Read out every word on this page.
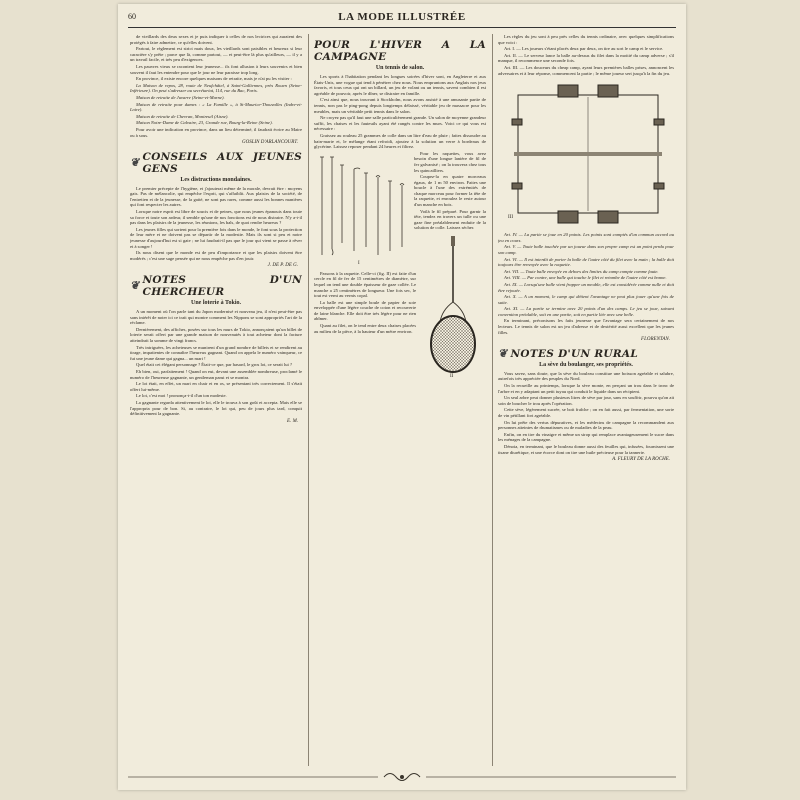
60	LA MODE ILLUSTRÉE

de vieillards des deux sexes et je puis indiquer à celles de nos lectrices qui auraient des protégés à faire admettre, ce qu'elles doivent.

Partout, le règlement est strict mais doux, les vieillards sont paisibles et heureux si leur caractère s'y prête ; parce que là, comme partout, — et peut-être là plus qu'ailleurs, — il y a un travail facile, et très peu d'exigences.

Les pauvres vieux se racontent leur jeunesse... ils font allusion à leurs souvenirs et bien souvent il faut les entendre pour que le jour ne leur paraisse trop long.

En province, il existe encore quelques maisons de retraite, mais je n'ai pu les visiter :

La Maison de repos, 28, route de Neufchâtel, à Saint-Galliennes, près Rouen (Seine-Inférieure). On peut s'adresser au secrétariat, 114, rue du Bac, Paris.

Maison de retraite de Juvarre (Seine-et-Marne).

Maison de retraite pour dames : « La Famille », à St-Maurice-Thouvalles (Indre-et-Loire).

Maison de retraite de Chevran, Montreuil (Aisne).

Maison Notre-Dame de Calvaire, 23, Grande rue, Bourg-la-Reine (Seine).

Pour avoir une indication en province, dans un lieu déterminé, il faudrait écrire au Maire ou à sous.

GOSLIN D'ARLANCOURT.
❦ CONSEILS AUX JEUNES GENS
Les distractions mondaines.

Le premier précepte de l'hygiène, et j'ajouterai même de la morale, devrait être : moyens gais. Pas de mélancolie, qui empêche l'esprit, qui s'affaiblit. Aux plaisirs de la société, de l'entretien et de la jeunesse, de la gaité, ne sont pas rares, comme aussi les bonnes manières qui font respecter les autres.

Lorsque notre esprit est libre de soucis et de peines, que nous jeunes épanouis dans toute sa force et toute son ardeur, il semble qu'une de nos fonctions est de nous distraire. N'y a-t-il pas dans les plaisirs de la jeunesse, les réunions, les bals, de quoi rendre heureux ?

Les jeunes filles qui sortent pour la première fois dans le monde, le font sous la protection de leur mère et ne doivent pas se départir de la modestie. Mais ils sont si peu et notre jeunesse d'aujourd'hui est si gaie ; ne lui faudrait-il pas que le jour qui vient se passe à rêver et à songer !

Ils nous disent que le monde est de peu d'importance et que les plaisirs doivent être modérés ; c'est une sage pensée qui ne nous empêche pas d'en jouir.

J. DE P. DE G.
❦ NOTES D'UN CHERCHEUR
Une loterie à Tokio.

A un moment où l'on parle tant du Japon modernisé et nouveau jeu, il n'est peut-être pas sans intérêt de noter ici ce trait qui montre comment les Nippons se sont appropriés l'art de la réclame.

Dernièrement, des affiches, posées sur tous les murs de Tokio, annonçaient qu'un billet de loterie serait offert par une grande maison de nouveautés à tout acheteur dont la facture atteindrait la somme de vingt francs.

Très intriguées, les acheteuses se munirent d'un grand nombre de billets et se rendirent au tirage, impatientes de connaître l'heureux gagnant. Quand on appela le numéro vainqueur, ce fut une jeune dame qui gagna... un mari !

Quel était cet élégant personnage ? Était-ce que, par hasard, le gros lot, ce serait lui ?

Eh bien, oui, parfaitement ! Quand on eut, devant une assemblée nombreuse, proclamé le numéro de l'heureuse gagnante, un gentleman parut et se montra.

Le lot était, en effet, un mari en chair et en os, se présentant très correctement. Il s'était offert lui-même.

Le lot, c'est moi ! prononça-t-il d'un ton modeste.

La gagnante regarda attentivement le lot, elle le trouva à son goût et accepta. Mais elle se l'appropria pour de bon. Si, au contraire, le lot qui, peu de jours plus tard, conquit définitivement la gagnante.

E. M.
POUR L'HIVER A LA CAMPAGNE
Un tennis de salon.

Les sports à l'habitation pendant les longues soirées d'hiver sont, en Angleterre et aux États-Unis, une vogue qui tend à pénétrer chez nous. Nous empruntons aux Anglais nos jeux favoris, et tous ceux qui ont un billard, un jeu de volant ou un tennis, savent combien il est agréable de pouvoir, après le dîner, se distraire en famille.

C'est ainsi que, nous trouvant à Stockholm, nous avons assisté à une amusante partie de tennis, non pas le ping-pong depuis longtemps délaissé, véritable jeu de massacre pour les meubles, mais un véritable petit tennis dans le salon.

Ne croyez pas qu'il faut une salle particulièrement grande. Un salon de moyenne grandeur suffit, les chaises et les fauteuils ayant été rangés contre les murs. Voici ce qui vous est nécessaire :

Graissez au rouleau 25 grammes de colle dans un litre d'eau de pluie ; faites dissoudre au bain-marie et, le mélange étant refroidi, ajoutez à la solution un verre à bordeaux de glycérine. Laissez reposer pendant 24 heures et filtrez.

I

Pour les raquettes, vous avez besoin d'une longue lanière de fil de fer galvanisé ; on la trouvera chez tous les quincailliers.

Coupez-la en quatre morceaux égaux, de 1 m 50 environ. Faites une boucle à l'une des extrémités de chaque morceau pour former la tête de la raquette, et enroulez le reste autour d'un manche en bois.

Voilà le fil préparé. Pour garnir la tête, tendez en travers un tulle ou une gaze fine préalablement enduite de la solution de colle. Laissez sécher.

II

Passons à la raquette. Celle-ci (fig. II) est faite d'un cercle en fil de fer de 15 centimètres de diamètre, sur lequel on tend une double épaisseur de gaze collée. Le manche a 25 centimètres de longueur. Une fois sec, le tout est verni au vernis copal.

La balle est une simple boule de papier de soie enveloppée d'une légère couche de coton et recouverte de laine blanche. Elle doit être très légère pour ne rien abîmer.

Quant au filet, on le tend entre deux chaises placées au milieu de la pièce, à la hauteur d'un mètre environ.

Les règles du jeu sont à peu près celles du tennis ordinaire, avec quelques simplifications que voici :

Art. I. — Les joueurs s'étant placés deux par deux, on tire au sort le camp et le service.

Art. II. — Le serveur lance la balle au-dessus du filet dans la moitié du camp adverse ; s'il manque, il recommence une seconde fois.

Art. III. — Les douceurs du cheap camp, ayant leurs premières balles prises, annoncent les adversaires et à leur réponse, commencent la partie ; le même joueur sert jusqu'à la fin du jeu.

III

Art. IV. — La partie se joue en 20 points. Les points sont comptés d'un commun accord au jeu en cours.

Art. V. — Toute balle touchée par un joueur dans son propre camp est un point perdu pour son camp.

Art. VI. — Il est interdit de porter la balle de l'autre côté du filet avec la main ; la balle doit toujours être renvoyée avec la raquette.

Art. VII. — Toute balle envoyée en dehors des limites du camp compte comme faute.

Art. VIII. — Par contre, une balle qui touche le filet et retombe de l'autre côté est bonne.

Art. IX. — Lorsqu'une balle vient frapper un meuble, elle est considérée comme nulle et doit être rejouée.

Art. X. — A un moment, le camp qui détient l'avantage ne peut plus jouer qu'une fois de suite.

Art. XI. — La partie se termine avec 20 points d'un des camps. Le jeu se joue, suivant convention préalable, soit en une partie, soit en partie liée avec une belle.

En terminant, préconisons les faits jeunesse que l'avantage sera certainement de nos lecteurs. Le tennis de salon est un jeu d'adresse et de dextérité aussi excellent que les jeunes filles.

FLORENTAN.
❦ NOTES D'UN RURAL
La sève du boulanger, ses propriétés.

Vous savez, sans doute, que la sève du bouleau constitue une boisson agréable et salubre, autrefois très appréciée des peuples du Nord.

On la recueille au printemps, lorsque la sève monte, en perçant un trou dans le tronc de l'arbre et en y adaptant un petit tuyau qui conduit le liquide dans un récipient.

Un seul arbre peut donner plusieurs litres de sève par jour, sans en souffrir, pourvu qu'on ait soin de boucher le trou après l'opération.

Cette sève, légèrement sucrée, se boit fraîche ; on en fait aussi, par fermentation, une sorte de vin pétillant fort agréable.

On lui prête des vertus dépuratives, et les médecins de campagne la recommandent aux personnes atteintes de rhumatismes ou de maladies de la peau.

Enfin, on en tire du vinaigre et même un sirop qui remplace avantageusement le sucre dans les ménages de la campagne.

Dénoia, en terminant, que le bouleau donne aussi des feuilles qui, infusées, fournissent une tisane diurétique, et une écorce dont on tire une huile précieuse pour la tannerie.

A. FLEURY DE LA ROCHE.
